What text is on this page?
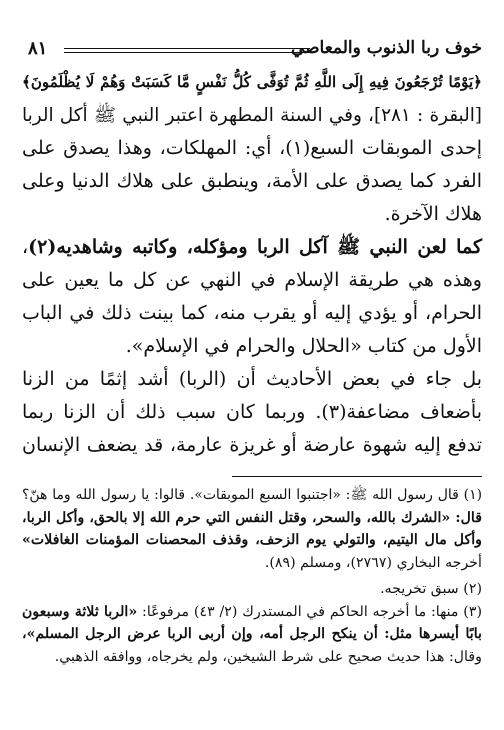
خوف ربا الذنوب والمعاصي
٨١
﴿يَوْمًا تُرْجَعُونَ فِيهِ إِلَى اللَّهِ ثُمَّ تُوَفَّى كُلُّ نَفْسٍ مَّا كَسَبَتْ وَهُمْ لَا يُظْلَمُونَ﴾
[البقرة : ٢٨١]، وفي السنة المطهرة اعتبر النبي ﷺ أكل الربا
إحدى الموبقات السبع(١)، أي: المهلكات، وهذا يصدق على
الفرد كما يصدق على الأمة، وينطبق على هلاك الدنيا وعلى
هلاك الآخرة.
كما لعن النبي ﷺ آكل الربا ومؤكله، وكاتبه وشاهديه(٢)،
وهذه هي طريقة الإسلام في النهي عن كل ما يعين على
الحرام، أو يؤدي إليه أو يقرب منه، كما بينت ذلك في الباب
الأول من كتاب «الحلال والحرام في الإسلام».
بل جاء في بعض الأحاديث أن (الربا) أشد إثمًا من الزنا
بأضعاف مضاعفة(٣). وربما كان سبب ذلك أن الزنا ربما
تدفع إليه شهوة عارضة أو غريزة عارمة، قد يضعف الإنسان
(١) قال رسول الله ﷺ: «اجتنبوا السبع الموبقات». قالوا: يا رسول الله وما هنّ؟
قال: «الشرك بالله، والسحر، وقتل النفس التي حرم الله إلا بالحق، وأكل الربا،
وأكل مال اليتيم، والتولي يوم الزحف، وقذف المحصنات المؤمنات الغافلات»
أخرجه البخاري (٢٧٦٧)، ومسلم (٨٩).
(٢) سبق تخريجه.
(٣) منها: ما أخرجه الحاكم في المستدرك (٢/ ٤٣) مرفوعًا: «الربا ثلاثة وسبعون
بابًا أيسرها مثل: أن ينكح الرجل أمه، وإن أربى الربا عرض الرجل المسلم»،
وقال: هذا حديث صحيح على شرط الشيخين، ولم يخرجاه، ووافقه الذهبي.
